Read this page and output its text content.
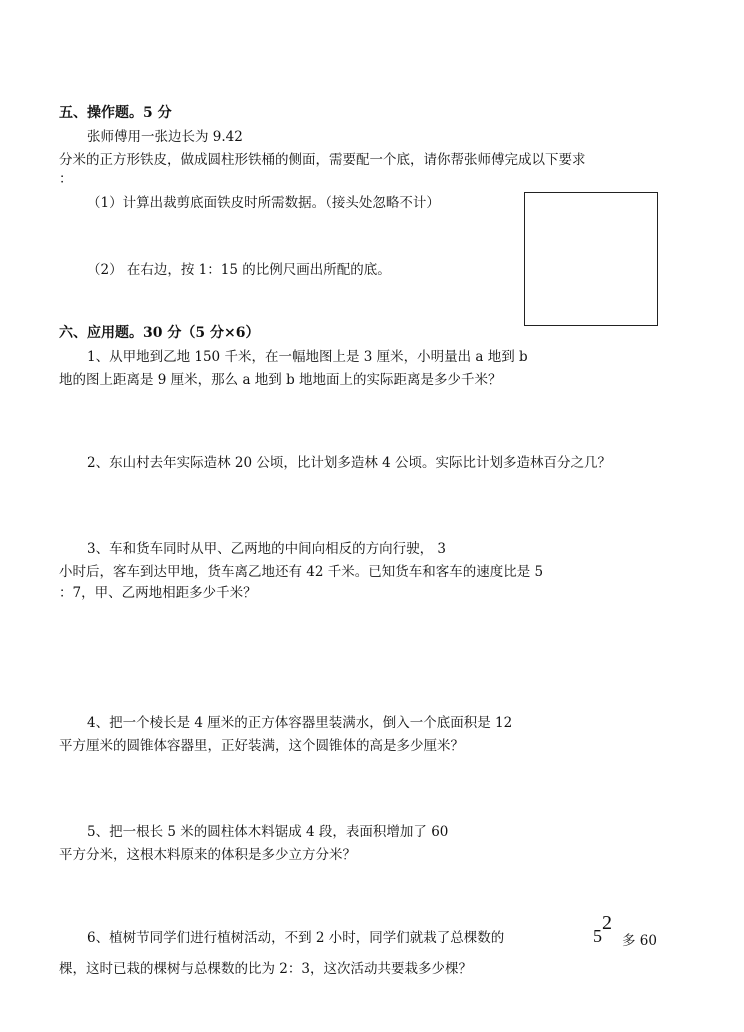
五、操作题。5 分
张师傅用一张边长为 9.42
分米的正方形铁皮，做成圆柱形铁桶的侧面，需要配一个底，请你帮张师傅完成以下要求
：
（1）计算出裁剪底面铁皮时所需数据。（接头处忽略不计）
（2） 在右边，按 1：15 的比例尺画出所配的底。
六、应用题。30 分（5 分×6）
1、从甲地到乙地 150 千米，在一幅地图上是 3 厘米，小明量出 a 地到 b
地的图上距离是 9 厘米，那么 a 地到 b 地地面上的实际距离是多少千米？
2、东山村去年实际造林 20 公顷，比计划多造林 4 公顷。实际比计划多造林百分之几？
3、车和货车同时从甲、乙两地的中间向相反的方向行驶， 3
小时后，客车到达甲地，货车离乙地还有 42 千米。已知货车和客车的速度比是 5
：7，甲、乙两地相距多少千米？
4、把一个棱长是 4 厘米的正方体容器里装满水，倒入一个底面积是 12
平方厘米的圆锥体容器里，正好装满，这个圆锥体的高是多少厘米？
5、把一根长 5 米的圆柱体木料锯成 4 段，表面积增加了 60
平方分米，这根木料原来的体积是多少立方分米？
6、植树节同学们进行植树活动，不到 2 小时，同学们就栽了总棵数的
2
5 多 60
棵，这时已栽的棵树与总棵数的比为 2：3，这次活动共要栽多少棵？
